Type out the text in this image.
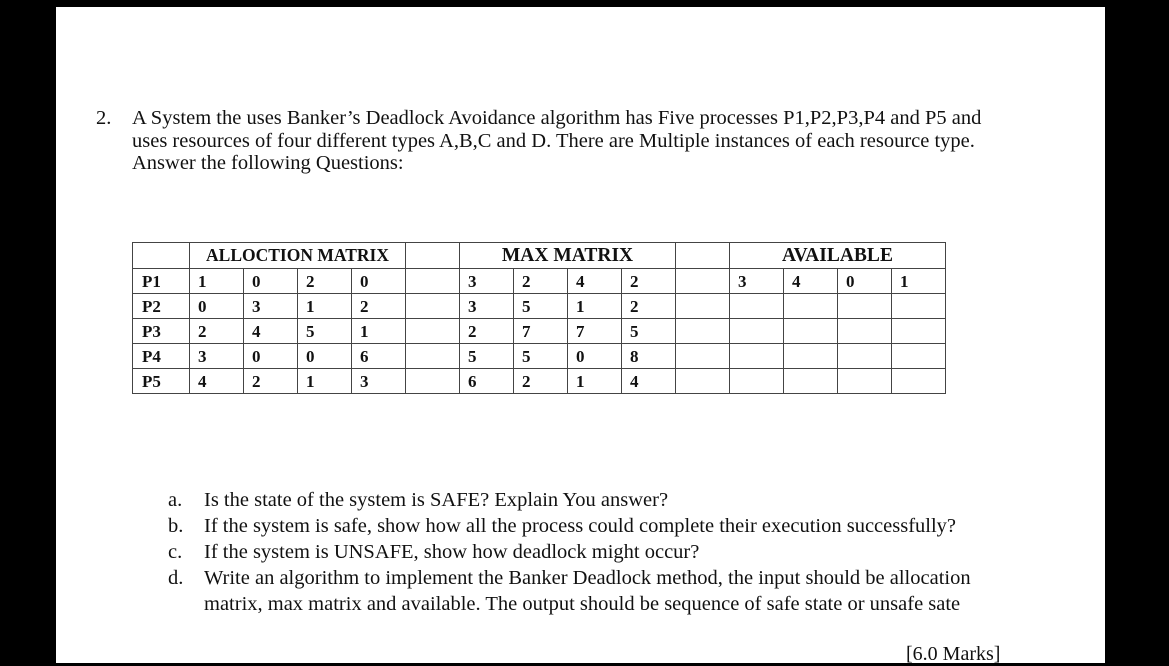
2.	A System the uses Banker’s Deadlock Avoidance algorithm has Five processes P1,P2,P3,P4 and P5 and
uses resources of four different types A,B,C and D. There are Multiple instances of each resource type.
Answer the following Questions:
	ALLOCTION MATRIX					MAX MATRIX					AVAILABLE			
P1	1	0	2	0		3	2	4	2		3	4	0	1
P2	0	3	1	2		3	5	1	2					
P3	2	4	5	1		2	7	7	5					
P4	3	0	0	6		5	5	0	8					
P5	4	2	1	3		6	2	1	4					
a. Is the state of the system is SAFE? Explain You answer?
b. If the system is safe, show how all the process could complete their execution successfully?
c. If the system is UNSAFE, show how deadlock might occur?
d. Write an algorithm to implement the Banker Deadlock method, the input should be allocation
matrix, max matrix and available. The output should be sequence of safe state or unsafe sate
[6.0 Marks]
